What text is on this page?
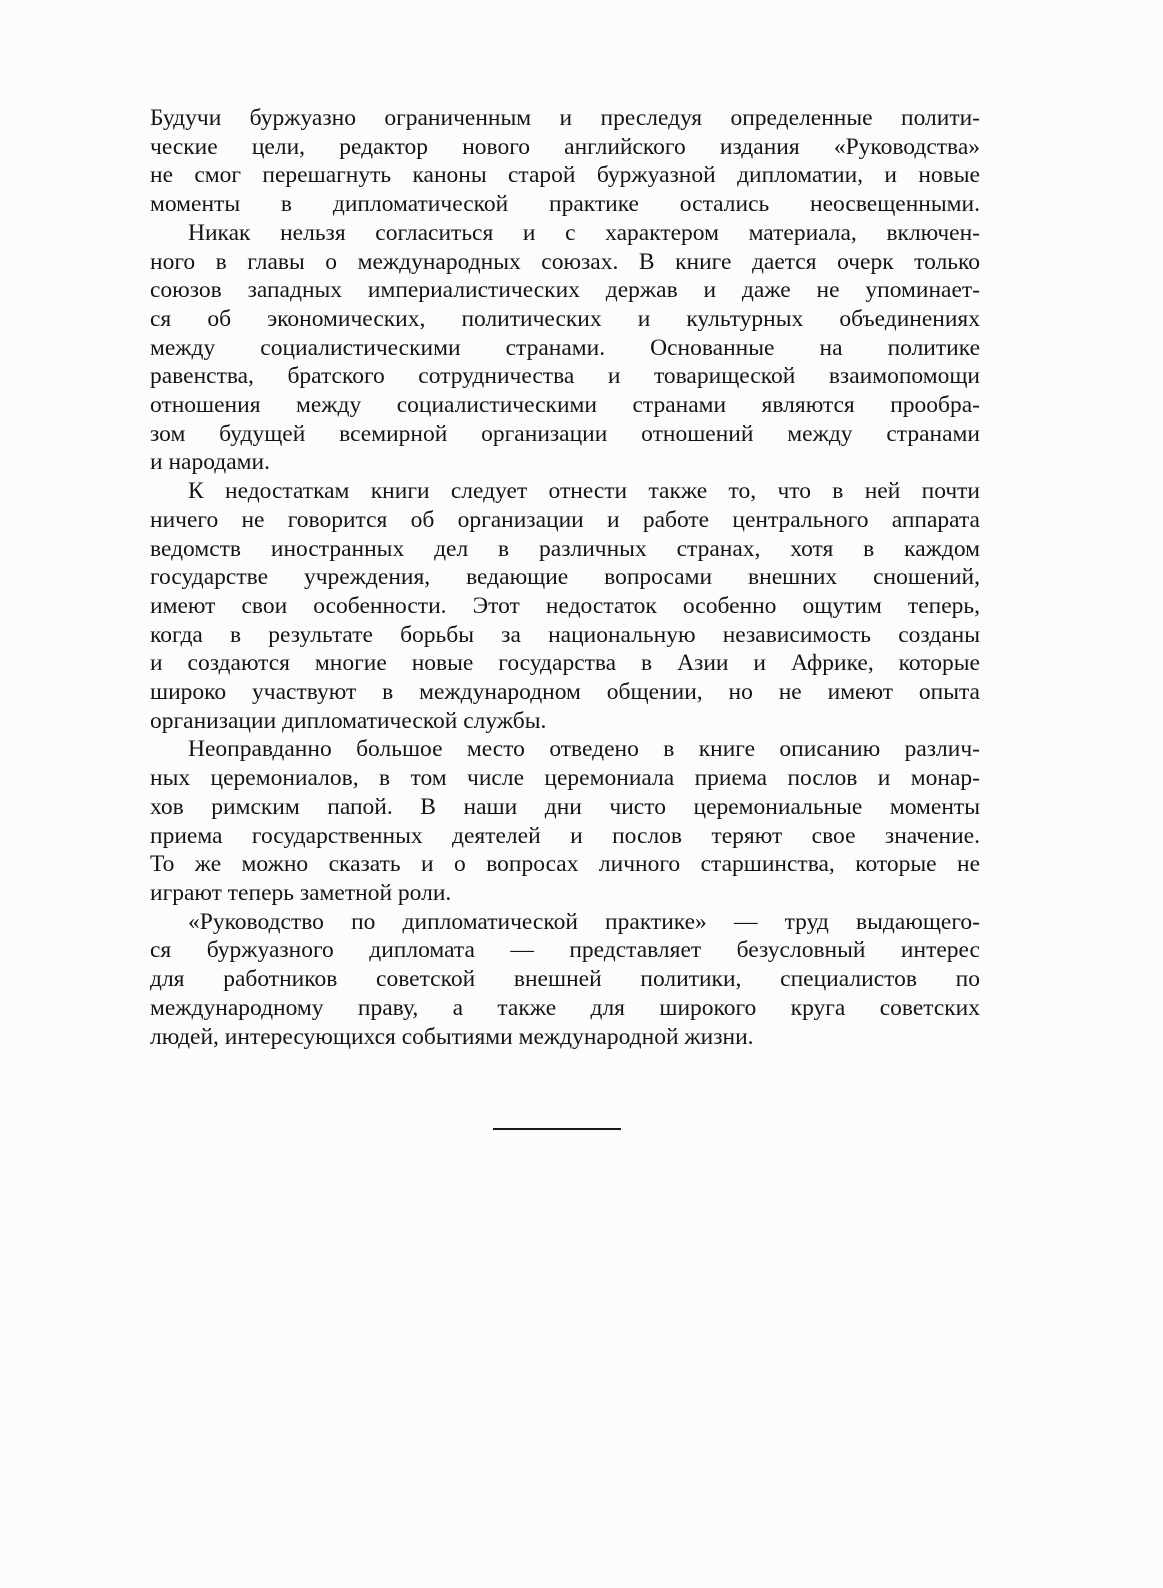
Будучи буржуазно ограниченным и преследуя определенные полити-
ческие цели, редактор нового английского издания «Руководства»
не смог перешагнуть каноны старой буржуазной дипломатии, и новые
моменты в дипломатической практике остались неосвещенными.

Никак нельзя согласиться и с характером материала, включен-
ного в главы о международных союзах. В книге дается очерк только
союзов западных империалистических держав и даже не упоминает-
ся об экономических, политических и культурных объединениях
между социалистическими странами. Основанные на политике
равенства, братского сотрудничества и товарищеской взаимопомощи
отношения между социалистическими странами являются прообра-
зом будущей всемирной организации отношений между странами
и народами.

К недостаткам книги следует отнести также то, что в ней почти
ничего не говорится об организации и работе центрального аппарата
ведомств иностранных дел в различных странах, хотя в каждом
государстве учреждения, ведающие вопросами внешних сношений,
имеют свои особенности. Этот недостаток особенно ощутим теперь,
когда в результате борьбы за национальную независимость созданы
и создаются многие новые государства в Азии и Африке, которые
широко участвуют в международном общении, но не имеют опыта
организации дипломатической службы.

Неоправданно большое место отведено в книге описанию различ-
ных церемониалов, в том числе церемониала приема послов и монар-
хов римским папой. В наши дни чисто церемониальные моменты
приема государственных деятелей и послов теряют свое значение.
То же можно сказать и о вопросах личного старшинства, которые не
играют теперь заметной роли.

«Руководство по дипломатической практике» — труд выдающего-
ся буржуазного дипломата — представляет безусловный интерес
для работников советской внешней политики, специалистов по
международному праву, а также для широкого круга советских
людей, интересующихся событиями международной жизни.
